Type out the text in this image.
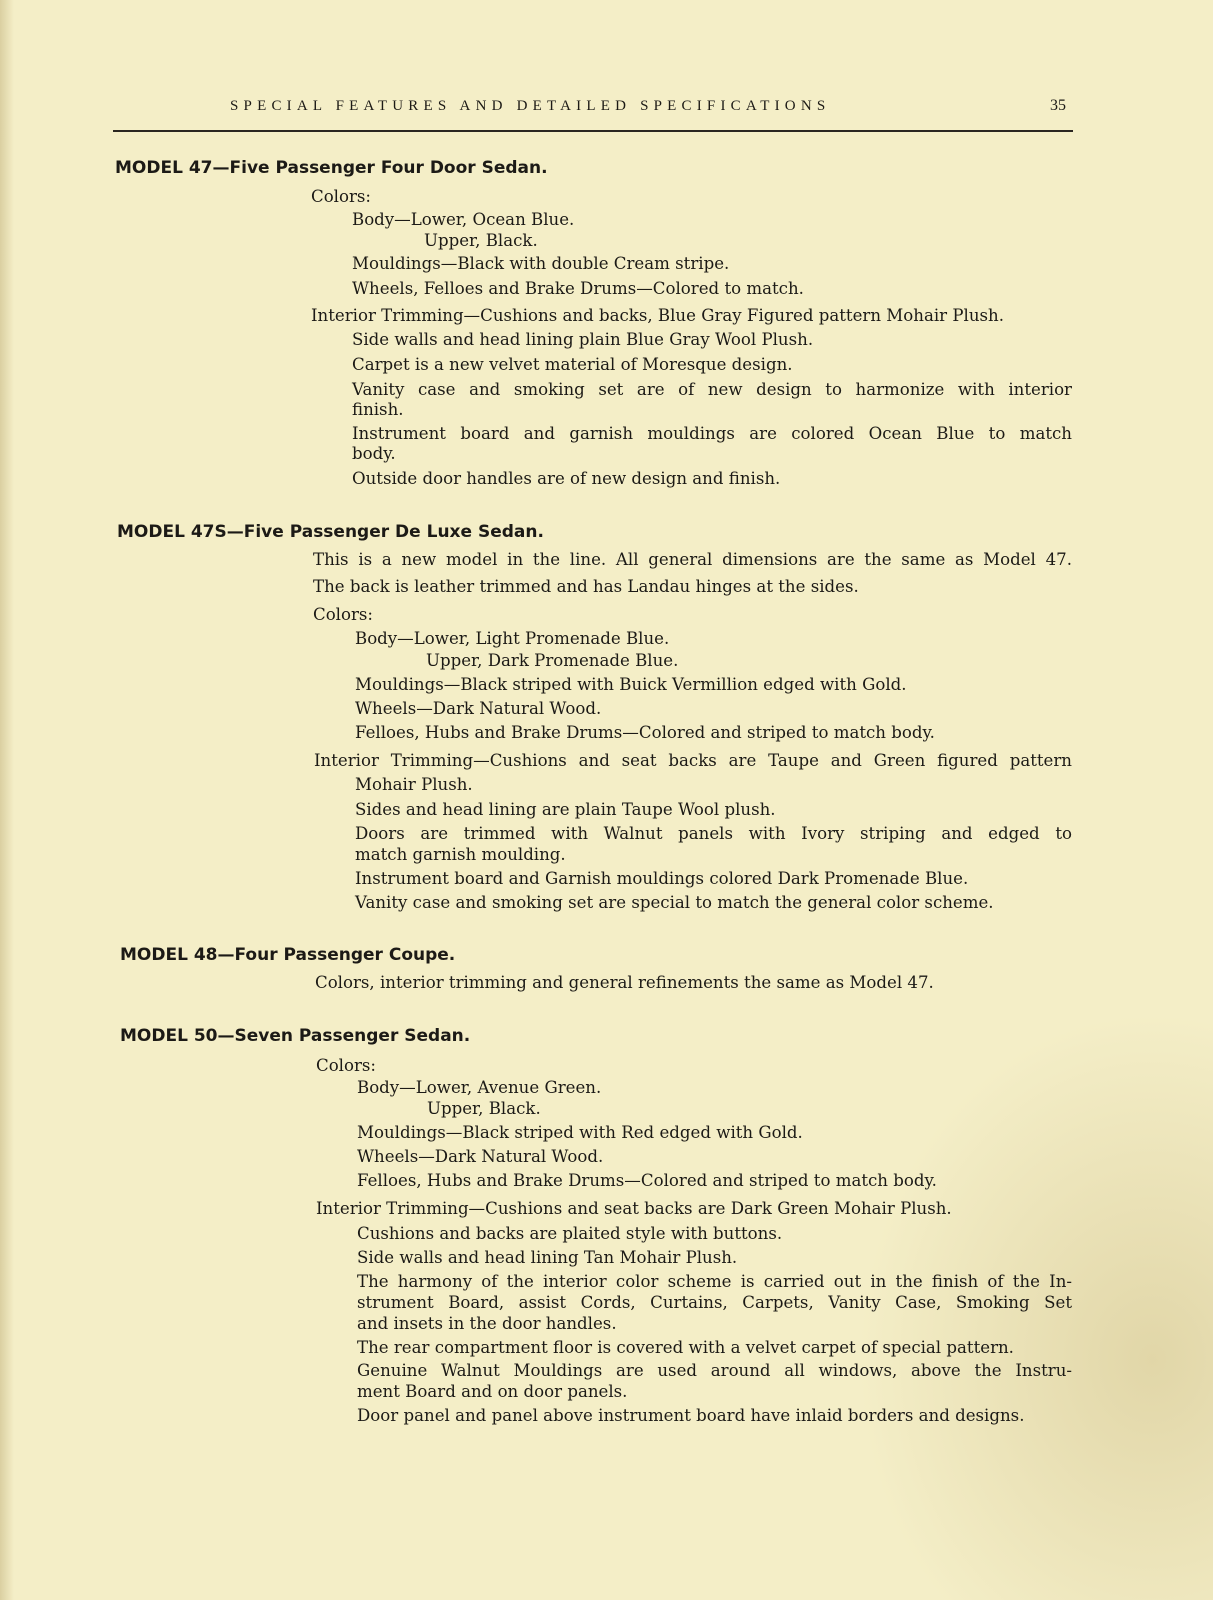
SPECIAL FEATURES AND DETAILED SPECIFICATIONS	35
MODEL 47—Five Passenger Four Door Sedan.
Colors:
Body—Lower, Ocean Blue.
Upper, Black.
Mouldings—Black with double Cream stripe.
Wheels, Felloes and Brake Drums—Colored to match.
Interior Trimming—Cushions and backs, Blue Gray Figured pattern Mohair Plush.
Side walls and head lining plain Blue Gray Wool Plush.
Carpet is a new velvet material of Moresque design.
Vanity case and smoking set are of new design to harmonize with interior
finish.
Instrument board and garnish mouldings are colored Ocean Blue to match
body.
Outside door handles are of new design and finish.
MODEL 47S—Five Passenger De Luxe Sedan.
This is a new model in the line. All general dimensions are the same as Model 47.
The back is leather trimmed and has Landau hinges at the sides.
Colors:
Body—Lower, Light Promenade Blue.
Upper, Dark Promenade Blue.
Mouldings—Black striped with Buick Vermillion edged with Gold.
Wheels—Dark Natural Wood.
Felloes, Hubs and Brake Drums—Colored and striped to match body.
Interior Trimming—Cushions and seat backs are Taupe and Green figured pattern
Mohair Plush.
Sides and head lining are plain Taupe Wool plush.
Doors are trimmed with Walnut panels with Ivory striping and edged to
match garnish moulding.
Instrument board and Garnish mouldings colored Dark Promenade Blue.
Vanity case and smoking set are special to match the general color scheme.
MODEL 48—Four Passenger Coupe.
Colors, interior trimming and general refinements the same as Model 47.
MODEL 50—Seven Passenger Sedan.
Colors:
Body—Lower, Avenue Green.
Upper, Black.
Mouldings—Black striped with Red edged with Gold.
Wheels—Dark Natural Wood.
Felloes, Hubs and Brake Drums—Colored and striped to match body.
Interior Trimming—Cushions and seat backs are Dark Green Mohair Plush.
Cushions and backs are plaited style with buttons.
Side walls and head lining Tan Mohair Plush.
The harmony of the interior color scheme is carried out in the finish of the In-
strument Board, assist Cords, Curtains, Carpets, Vanity Case, Smoking Set
and insets in the door handles.
The rear compartment floor is covered with a velvet carpet of special pattern.
Genuine Walnut Mouldings are used around all windows, above the Instru-
ment Board and on door panels.
Door panel and panel above instrument board have inlaid borders and designs.
